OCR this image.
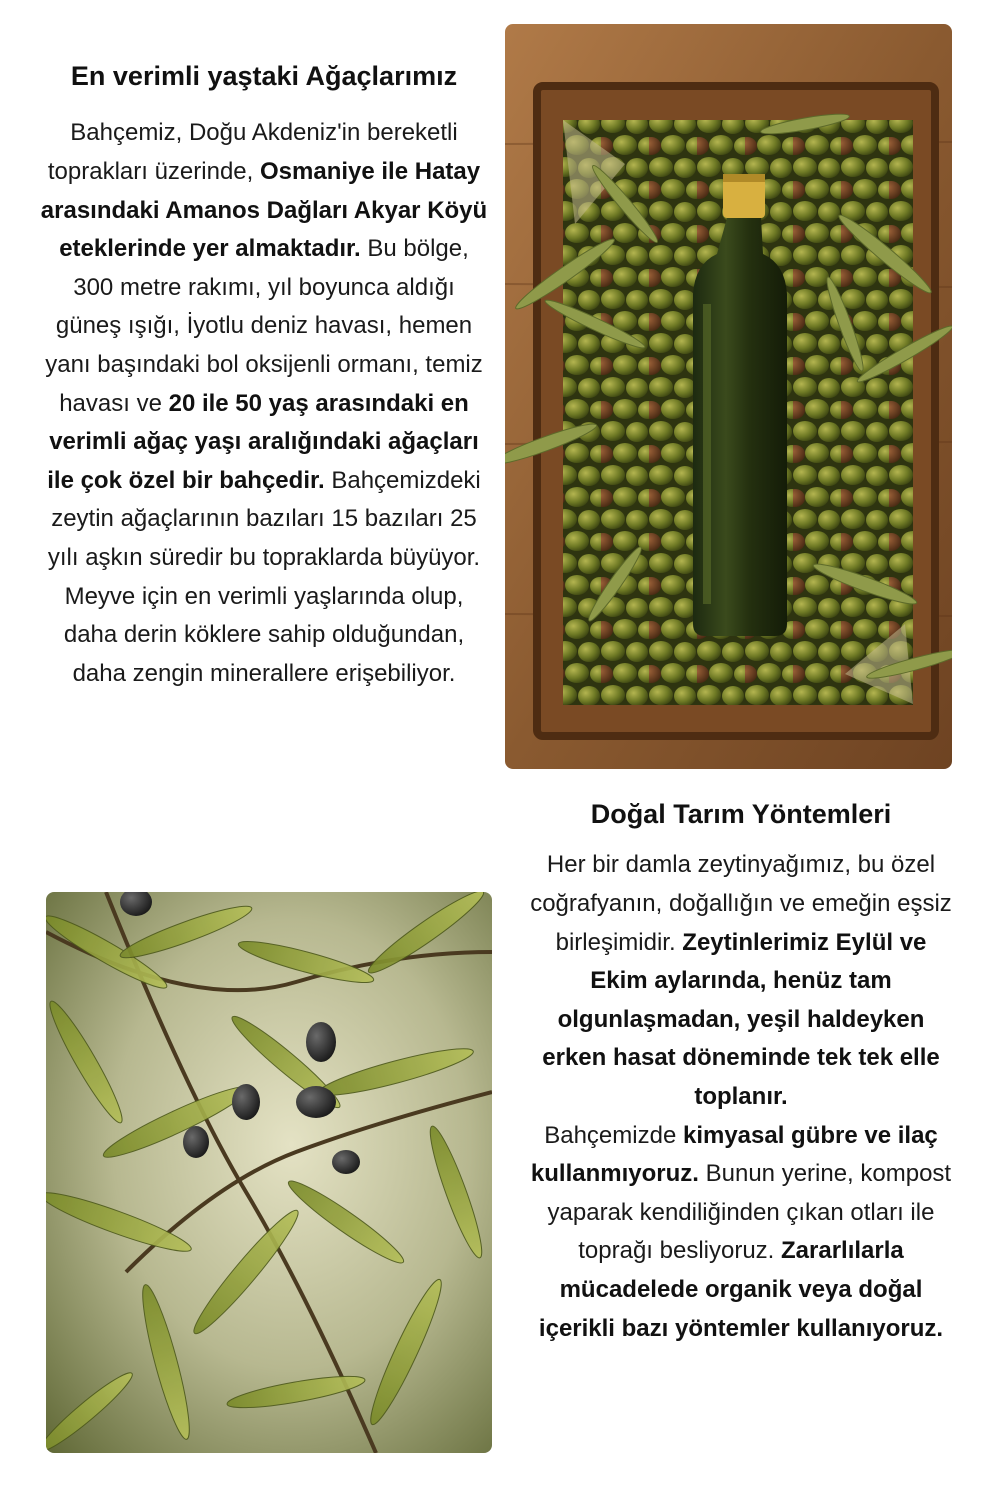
En verimli yaştaki Ağaçlarımız

Bahçemiz, Doğu Akdeniz'in bereketli toprakları üzerinde, Osmaniye ile Hatay arasındaki Amanos Dağları Akyar Köyü eteklerinde yer almaktadır. Bu bölge, 300 metre rakımı, yıl boyunca aldığı güneş ışığı, İyotlu deniz havası, hemen yanı başındaki bol oksijenli ormanı, temiz havası ve 20 ile 50 yaş arasındaki en verimli ağaç yaşı aralığındaki ağaçları ile çok özel bir bahçedir. Bahçemizdeki zeytin ağaçlarının bazıları 15 bazıları 25 yılı aşkın süredir bu topraklarda büyüyor. Meyve için en verimli yaşlarında olup, daha derin köklere sahip olduğundan, daha zengin minerallere erişebiliyor.

Doğal Tarım Yöntemleri

Her bir damla zeytinyağımız, bu özel coğrafyanın, doğallığın ve emeğin eşsiz birleşimidir. Zeytinlerimiz Eylül ve Ekim aylarında, henüz tam olgunlaşmadan, yeşil haldeyken erken hasat döneminde tek tek elle toplanır.
Bahçemizde kimyasal gübre ve ilaç kullanmıyoruz. Bunun yerine, kompost yaparak kendiliğinden çıkan otları ile toprağı besliyoruz. Zararlılarla mücadelede organik veya doğal içerikli bazı yöntemler kullanıyoruz.
